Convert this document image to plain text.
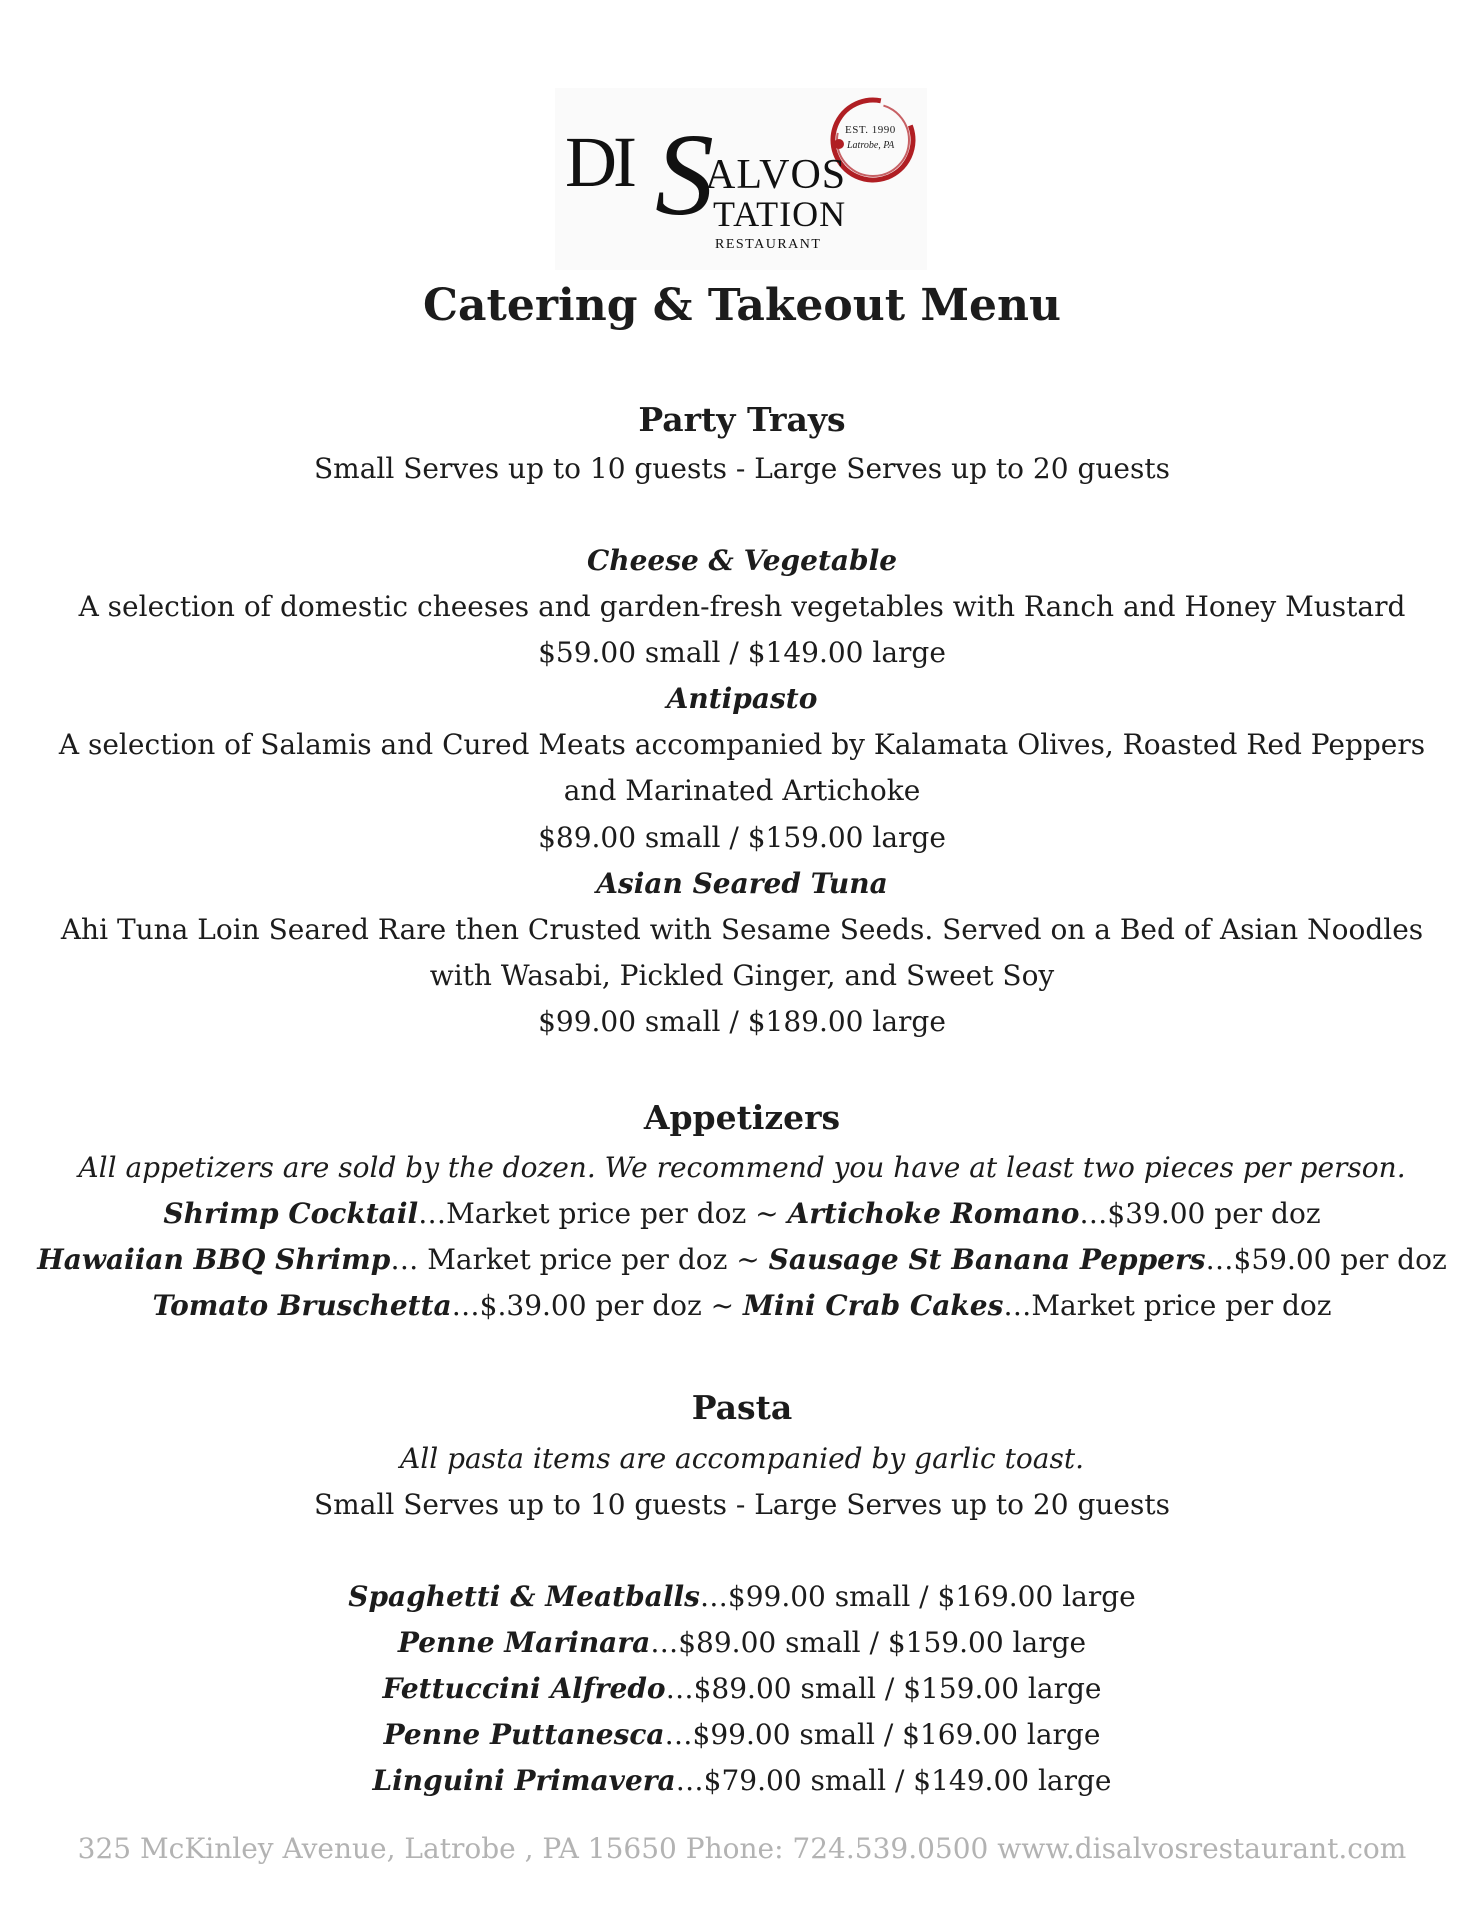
EST. 1990
Latrobe, PA
DI S
ALVOS
TATION
RESTAURANT
Catering & Takeout Menu

Party Trays

Small Serves up to 10 guests - Large Serves up to 20 guests

Cheese & Vegetable

A selection of domestic cheeses and garden-fresh vegetables with Ranch and Honey Mustard

$59.00 small / $149.00 large

Antipasto

A selection of Salamis and Cured Meats accompanied by Kalamata Olives, Roasted Red Peppers

and Marinated Artichoke

$89.00 small / $159.00 large

Asian Seared Tuna

Ahi Tuna Loin Seared Rare then Crusted with Sesame Seeds. Served on a Bed of Asian Noodles

with Wasabi, Pickled Ginger, and Sweet Soy

$99.00 small / $189.00 large

Appetizers

All appetizers are sold by the dozen. We recommend you have at least two pieces per person.

Shrimp Cocktail…Market price per doz ~ Artichoke Romano…$39.00 per doz

Hawaiian BBQ Shrimp… Market price per doz ~ Sausage St Banana Peppers…$59.00 per doz

Tomato Bruschetta…$.39.00 per doz ~ Mini Crab Cakes…Market price per doz

Pasta

All pasta items are accompanied by garlic toast.

Small Serves up to 10 guests - Large Serves up to 20 guests

Spaghetti & Meatballs…$99.00 small / $169.00 large

Penne Marinara…$89.00 small / $159.00 large

Fettuccini Alfredo…$89.00 small / $159.00 large

Penne Puttanesca…$99.00 small / $169.00 large

Linguini Primavera…$79.00 small / $149.00 large

325 McKinley Avenue, Latrobe , PA 15650 Phone: 724.539.0500 www.disalvosrestaurant.com
